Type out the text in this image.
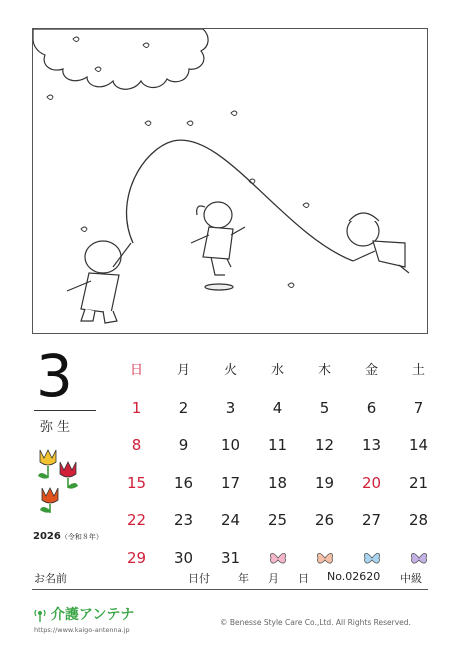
3
弥生
2026（令和８年）
日	月	火	水	木	金	土
1	2	3	4	5	6	7
8	9	10	11	12	13	14
15	16	17	18	19	20	21
22	23	24	25	26	27	28
29	30	31
お名前	日付	年 月 日 No.02620 中級
介護アンテナ
https://www.kaigo-antenna.jp
© Benesse Style Care Co.,Ltd. All Rights Reserved.
